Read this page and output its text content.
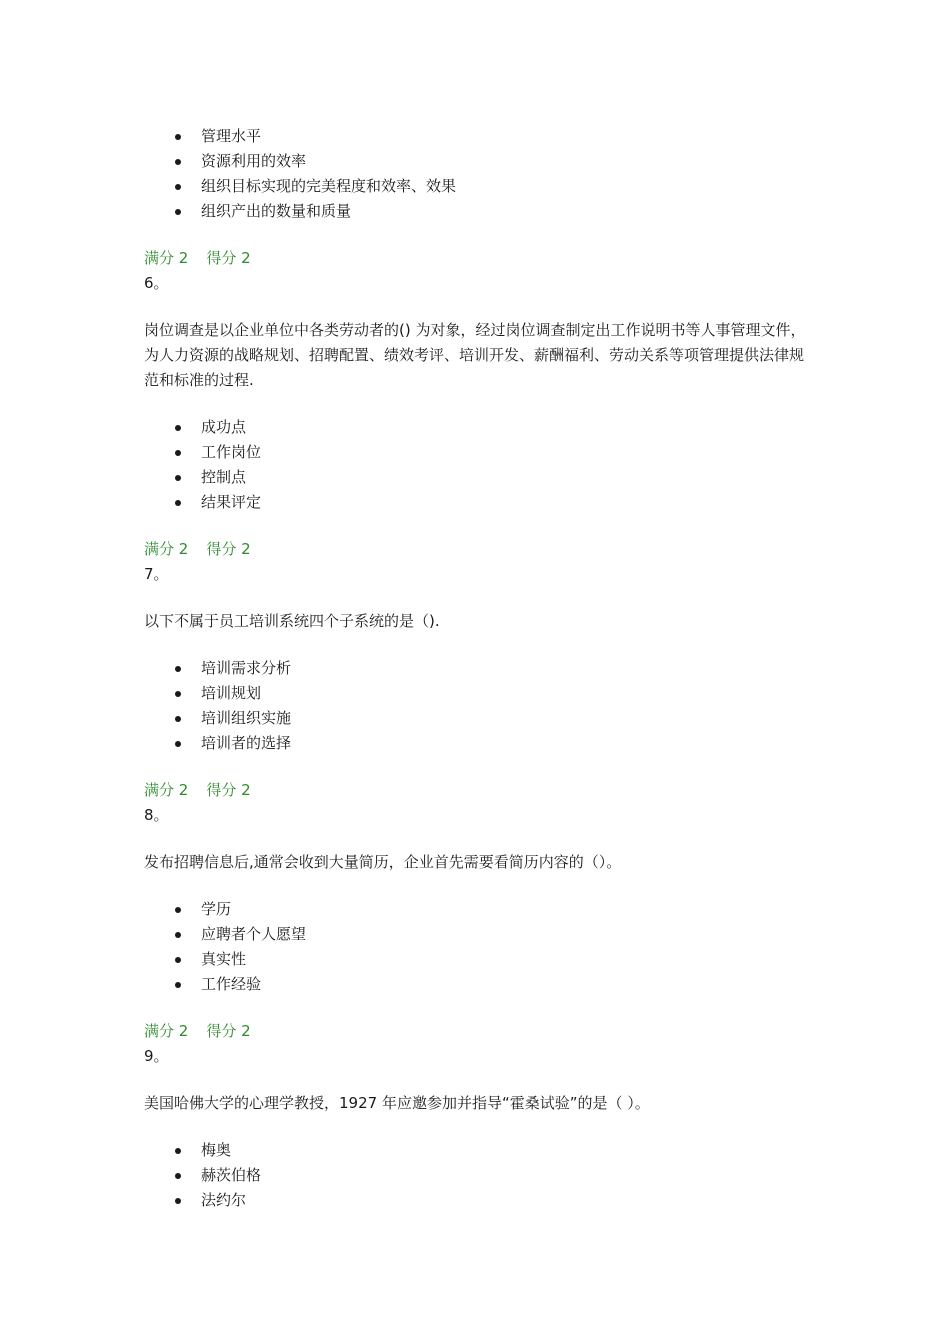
管理水平
资源利用的效率
组织目标实现的完美程度和效率、效果
组织产出的数量和质量
满分 2 得分 2
6。
岗位调查是以企业单位中各类劳动者的() 为对象，经过岗位调查制定出工作说明书等人事管理文件，为人力资源的战略规划、招聘配置、绩效考评、培训开发、薪酬福利、劳动关系等项管理提供法律规范和标准的过程.
成功点
工作岗位
控制点
结果评定
满分 2 得分 2
7。
以下不属于员工培训系统四个子系统的是（).
培训需求分析
培训规划
培训组织实施
培训者的选择
满分 2 得分 2
8。
发布招聘信息后,通常会收到大量简历，企业首先需要看简历内容的（）。
学历
应聘者个人愿望
真实性
工作经验
满分 2 得分 2
9。
美国哈佛大学的心理学教授，1927 年应邀参加并指导“霍桑试验”的是（ ）。
梅奥
赫茨伯格
法约尔
